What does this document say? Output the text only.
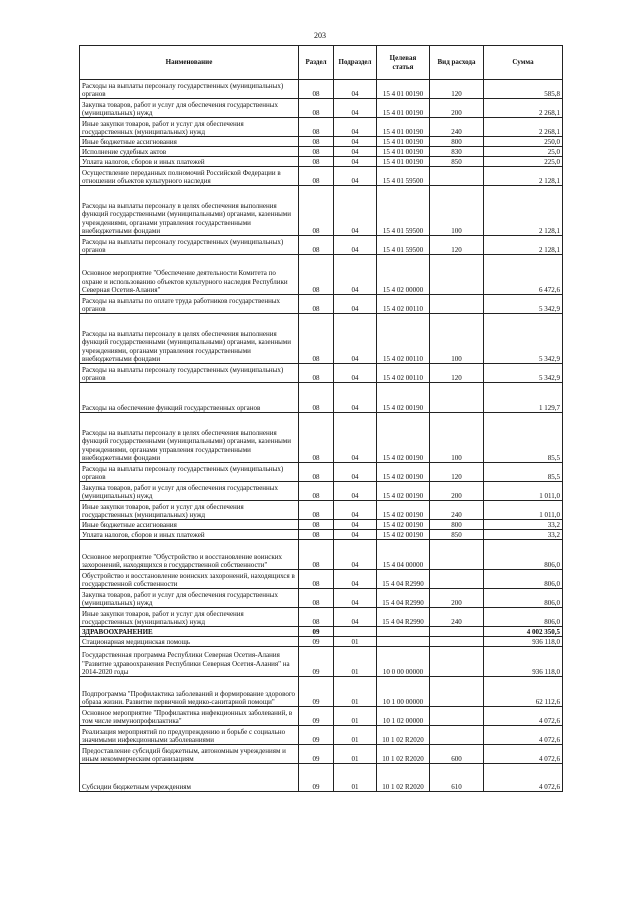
203
Наименование	Раздел	Подраздел	Целевая статья	Вид расхода	Сумма
Расходы на выплаты персоналу государственных (муниципальных) органов	08	04	15 4 01 00190	120	585,8
Закупка товаров, работ и услуг для обеспечения государственных (муниципальных) нужд	08	04	15 4 01 00190	200	2 268,1
Иные закупки товаров, работ и услуг для обеспечения государственных (муниципальных) нужд	08	04	15 4 01 00190	240	2 268,1
Иные бюджетные ассигнования	08	04	15 4 01 00190	800	250,0
Исполнение судебных актов	08	04	15 4 01 00190	830	25,0
Уплата налогов, сборов и иных платежей	08	04	15 4 01 00190	850	225,0
Осуществление переданных полномочий Российской Федерации в отношении объектов культурного наследия	08	04	15 4 01 59500		2 128,1
Расходы на выплаты персоналу в целях обеспечения выполнения функций государственными (муниципальными) органами, казенными учреждениями, органами управления государственными внебюджетными фондами	08	04	15 4 01 59500	100	2 128,1
Расходы на выплаты персоналу государственных (муниципальных) органов	08	04	15 4 01 59500	120	2 128,1
Основное мероприятие "Обеспечение деятельности Комитета по охране и использованию объектов культурного наследия Республики Северная Осетия-Алания"	08	04	15 4 02 00000		6 472,6
Расходы на выплаты по оплате труда работников государственных органов	08	04	15 4 02 00110		5 342,9
Расходы на выплаты персоналу в целях обеспечения выполнения функций государственными (муниципальными) органами, казенными учреждениями, органами управления государственными внебюджетными фондами	08	04	15 4 02 00110	100	5 342,9
Расходы на выплаты персоналу государственных (муниципальных) органов	08	04	15 4 02 00110	120	5 342,9
Расходы на обеспечение функций государственных органов	08	04	15 4 02 00190		1 129,7
Расходы на выплаты персоналу в целях обеспечения выполнения функций государственными (муниципальными) органами, казенными учреждениями, органами управления государственными внебюджетными фондами	08	04	15 4 02 00190	100	85,5
Расходы на выплаты персоналу государственных (муниципальных) органов	08	04	15 4 02 00190	120	85,5
Закупка товаров, работ и услуг для обеспечения государственных (муниципальных) нужд	08	04	15 4 02 00190	200	1 011,0
Иные закупки товаров, работ и услуг для обеспечения государственных (муниципальных) нужд	08	04	15 4 02 00190	240	1 011,0
Иные бюджетные ассигнования	08	04	15 4 02 00190	800	33,2
Уплата налогов, сборов и иных платежей	08	04	15 4 02 00190	850	33,2
Основное мероприятие "Обустройство и восстановление воинских захоронений, находящихся в государственной собственности"	08	04	15 4 04 00000		806,0
Обустройство и восстановление воинских захоронений, находящихся в государственной собственности	08	04	15 4 04 R2990		806,0
Закупка товаров, работ и услуг для обеспечения государственных (муниципальных) нужд	08	04	15 4 04 R2990	200	806,0
Иные закупки товаров, работ и услуг для обеспечения государственных (муниципальных) нужд	08	04	15 4 04 R2990	240	806,0
ЗДРАВООХРАНЕНИЕ	09				4 002 350,5
Стационарная медицинская помощь	09	01			936 118,0
Государственная программа Республики Северная Осетия-Алания "Развитие здравоохранения Республики Северная Осетия-Алания" на 2014-2020 годы	09	01	10 0 00 00000		936 118,0
Подпрограмма "Профилактика заболеваний и формирование здорового образа жизни. Развитие первичной медико-санитарной помощи"	09	01	10 1 00 00000		62 112,6
Основное мероприятие "Профилактика инфекционных заболеваний, в том числе иммунопрофилактика"	09	01	10 1 02 00000		4 072,6
Реализация мероприятий по предупреждению и борьбе с социально значимыми инфекционными заболеваниями	09	01	10 1 02 R2020		4 072,6
Предоставление субсидий бюджетным, автономным учреждениям и иным некоммерческим организациям	09	01	10 1 02 R2020	600	4 072,6
Субсидии бюджетным учреждениям	09	01	10 1 02 R2020	610	4 072,6
